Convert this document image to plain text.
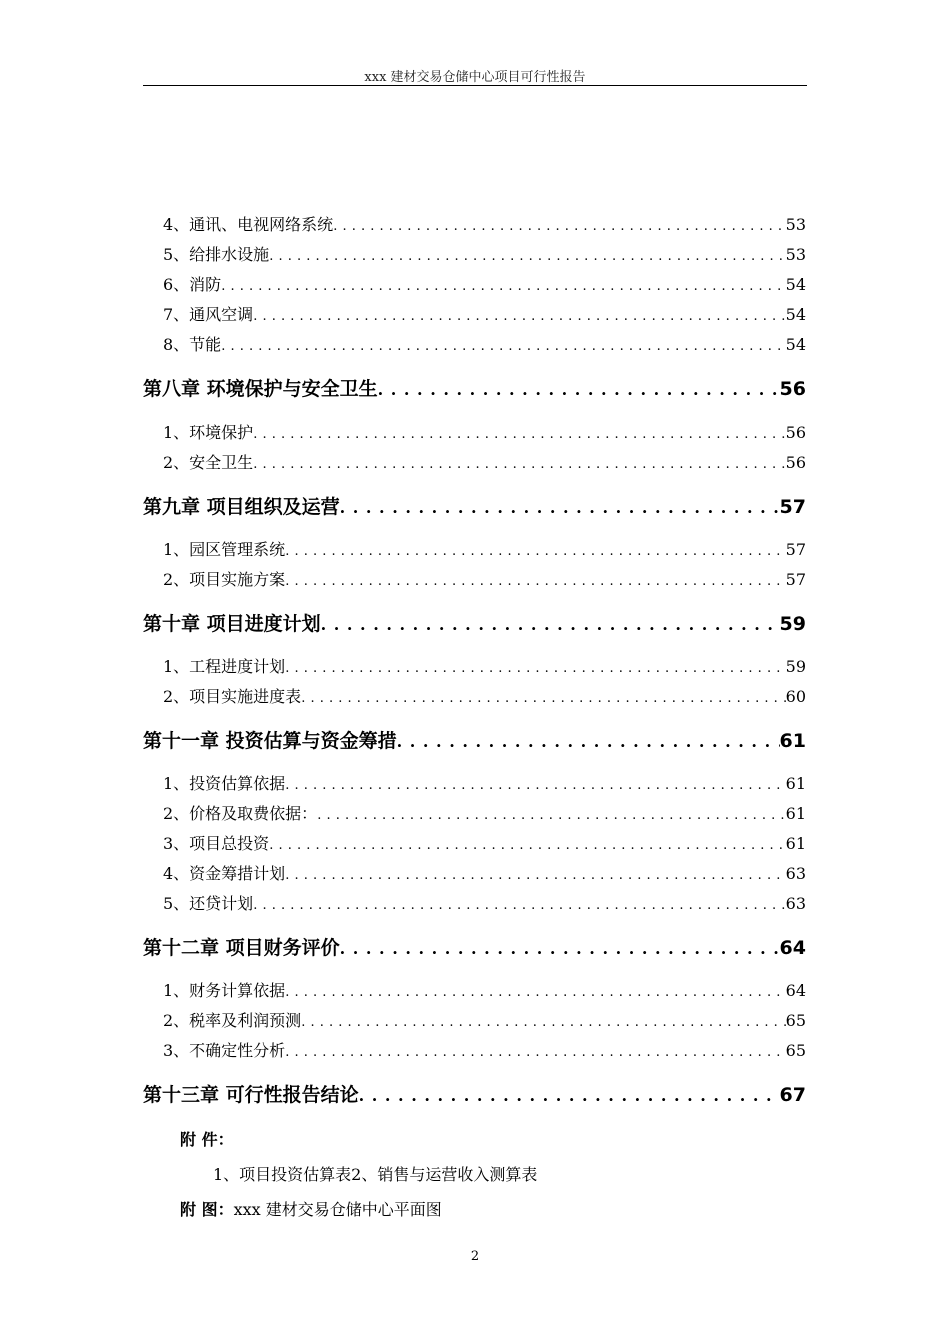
xxx 建材交易仓储中心项目可行性报告
4、通讯、电视网络系统 . . .	53
5、给排水设施 . . .	53
6、消防 . . .	54
7、通风空调 . . .	54
8、节能 . . .	54
第八章 环境保护与安全卫生 . . .	56
1、环境保护 . . .	56
2、安全卫生 . . .	56
第九章 项目组织及运营 . . .	57
1、园区管理系统 . . .	57
2、项目实施方案 . . .	57
第十章 项目进度计划 . . .	59
1、工程进度计划 . . .	59
2、项目实施进度表 . . .	60
第十一章 投资估算与资金筹措 . . .	61
1、投资估算依据 . . .	61
2、价格及取费依据： . . .	61
3、项目总投资 . . .	61
4、资金筹措计划 . . .	63
5、还贷计划 . . .	63
第十二章 项目财务评价 . . .	64
1、财务计算依据 . . .	64
2、税率及利润预测 . . .	65
3、不确定性分析 . . .	65
第十三章 可行性报告结论 . . .	67
附 件：
1、项目投资估算表2、销售与运营收入测算表
附 图：xxx 建材交易仓储中心平面图
2
